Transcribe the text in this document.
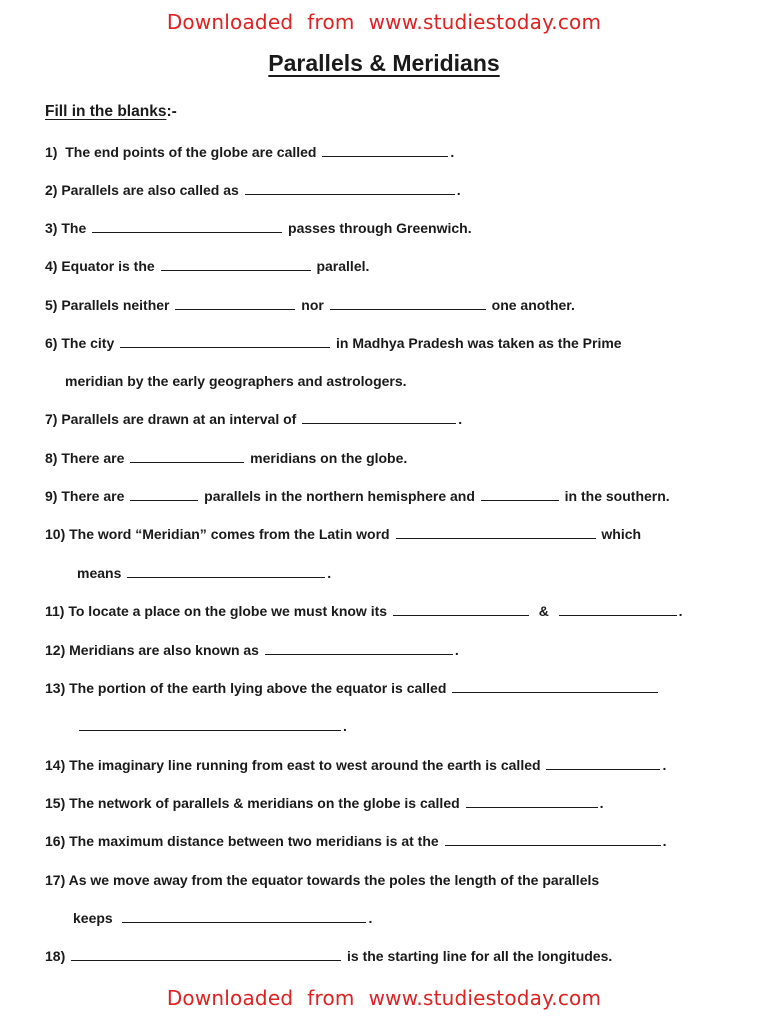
Downloaded from www.studiestoday.com
Parallels & Meridians
Fill in the blanks:-
1)  The end points of the globe are called	.
2) Parallels are also called as	.
3) The	passes through Greenwich.
4) Equator is the	parallel.
5) Parallels neither	nor	one another.
6) The city	in Madhya Pradesh was taken as the Prime
meridian by the early geographers and astrologers.
7) Parallels are drawn at an interval of	.
8) There are	meridians on the globe.
9) There are	parallels in the northern hemisphere and	in the southern.
10) The word “Meridian” comes from the Latin word	which
means	.
11) To locate a place on the globe we must know its	&	.
12) Meridians are also known as	.
13) The portion of the earth lying above the equator is called
.
14) The imaginary line running from east to west around the earth is called	.
15) The network of parallels & meridians on the globe is called	.
16) The maximum distance between two meridians is at the	.
17) As we move away from the equator towards the poles the length of the parallels
keeps	.
18)	is the starting line for all the longitudes.
Downloaded from www.studiestoday.com
